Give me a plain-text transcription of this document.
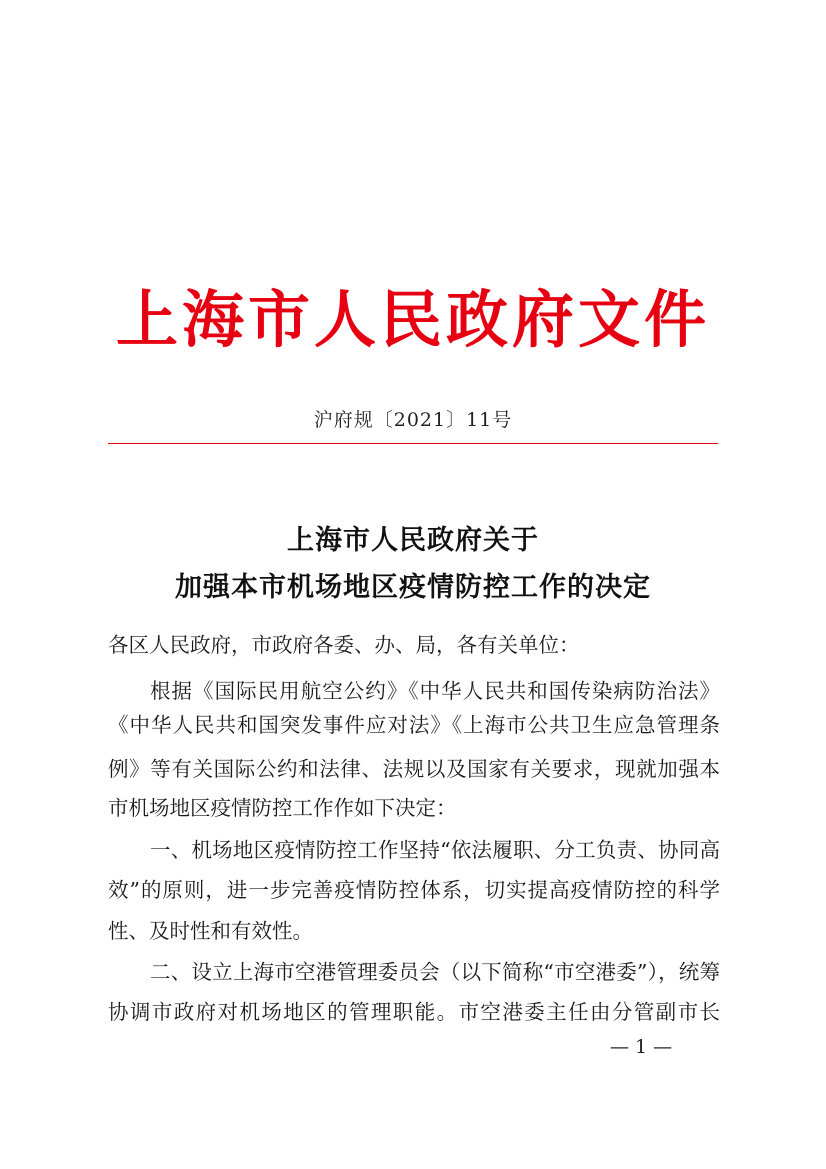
上海市人民政府文件
沪府规〔2021〕11号
上海市人民政府关于
加强本市机场地区疫情防控工作的决定
各区人民政府，市政府各委、办、局，各有关单位：
根据《国际民用航空公约》《中华人民共和国传染病防治法》
《中华人民共和国突发事件应对法》《上海市公共卫生应急管理条
例》等有关国际公约和法律、法规以及国家有关要求，现就加强本
市机场地区疫情防控工作作如下决定：
一、机场地区疫情防控工作坚持“依法履职、分工负责、协同高
效”的原则，进一步完善疫情防控体系，切实提高疫情防控的科学
性、及时性和有效性。
二、设立上海市空港管理委员会（以下简称“市空港委”），统筹
协调市政府对机场地区的管理职能。市空港委主任由分管副市长
— 1 —
